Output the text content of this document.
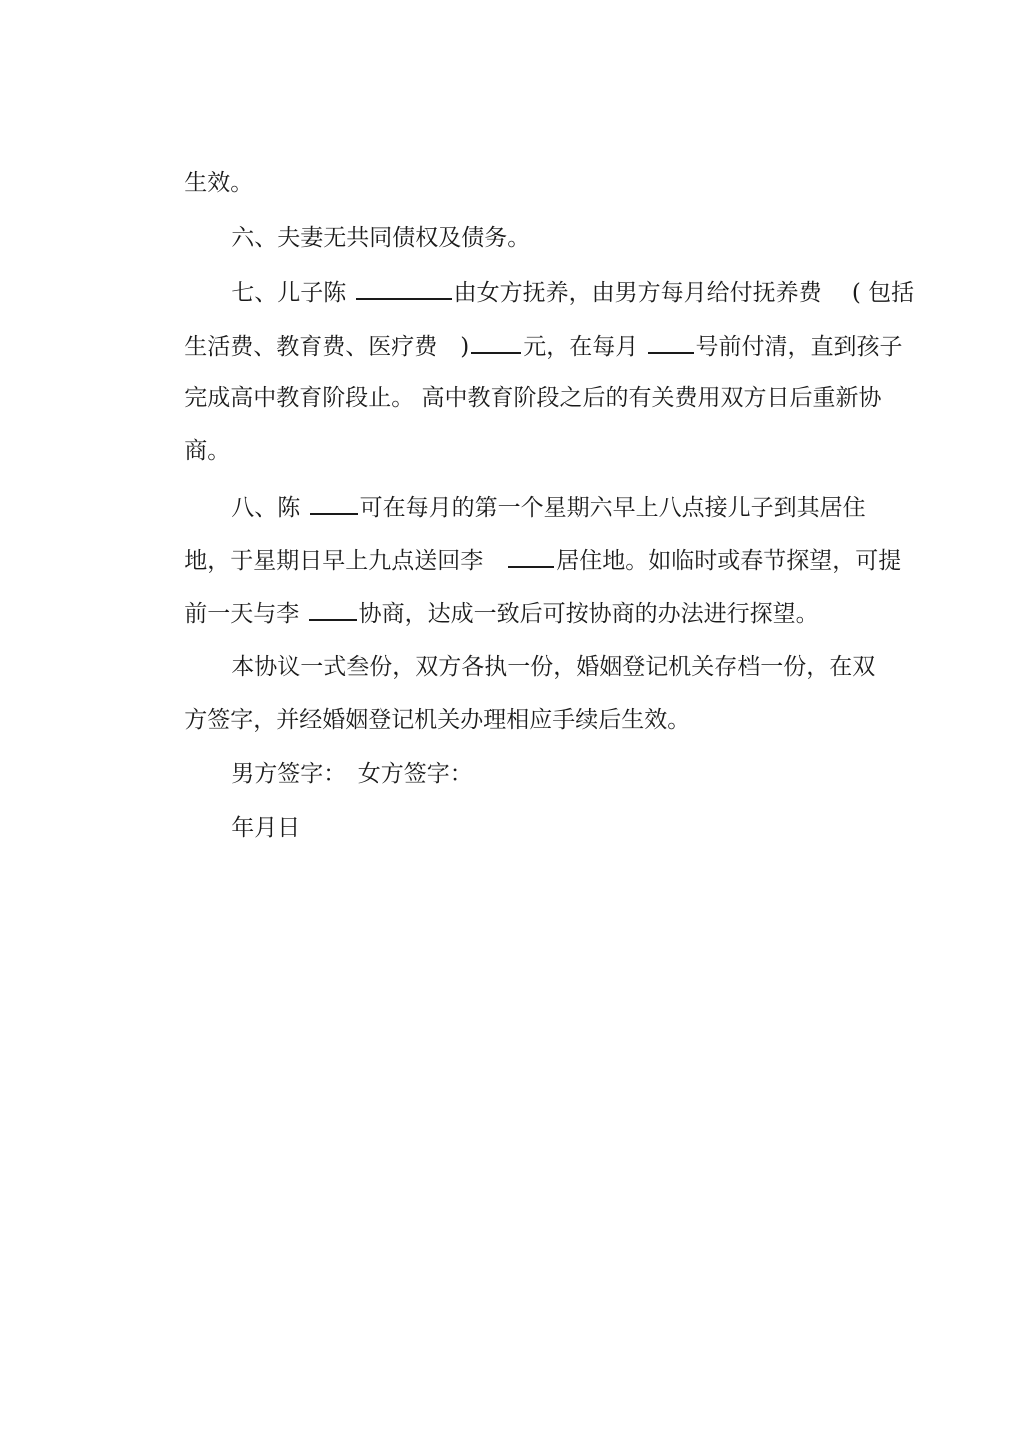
生效。

六、夫妻无共同债权及债务。

七、儿子陈	由女方抚养，由男方每月给付抚养费　 ( 包括

生活费、教育费、医疗费　) 元，在每月 号前付清，直到孩子

完成高中教育阶段止。 高中教育阶段之后的有关费用双方日后重新协

商。

八、陈 可在每月的第一个星期六早上八点接儿子到其居住

地，于星期日早上九点送回李　居住地。如临时或春节探望，可提

前一天与李 协商，达成一致后可按协商的办法进行探望。

本协议一式叁份，双方各执一份，婚姻登记机关存档一份，在双

方签字，并经婚姻登记机关办理相应手续后生效。

男方签字：　女方签字：

年月日
